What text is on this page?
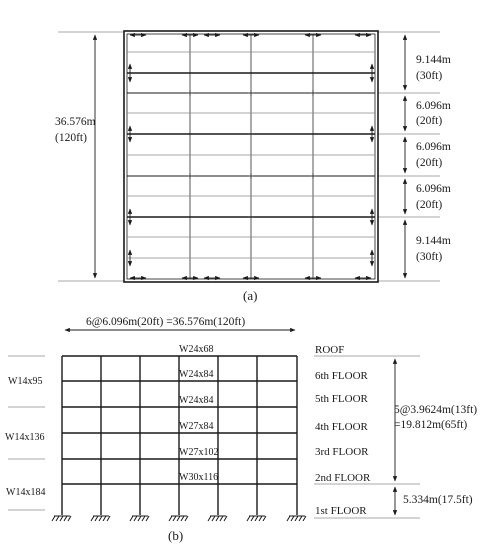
36.576m
(120ft)
9.144m
(30ft)
6.096m
(20ft)
6.096m
(20ft)
6.096m
(20ft)
9.144m
(30ft)
(a)
6@6.096m(20ft) =36.576m(120ft)
W14x95
W14x136
W14x184
W24x68
W24x84
W24x84
W27x84
W27x102
W30x116
ROOF
6th FLOOR
5th FLOOR
4th FLOOR
3rd FLOOR
2nd FLOOR
1st FLOOR
5@3.9624m(13ft)
=19.812m(65ft)
5.334m(17.5ft)
(b)
